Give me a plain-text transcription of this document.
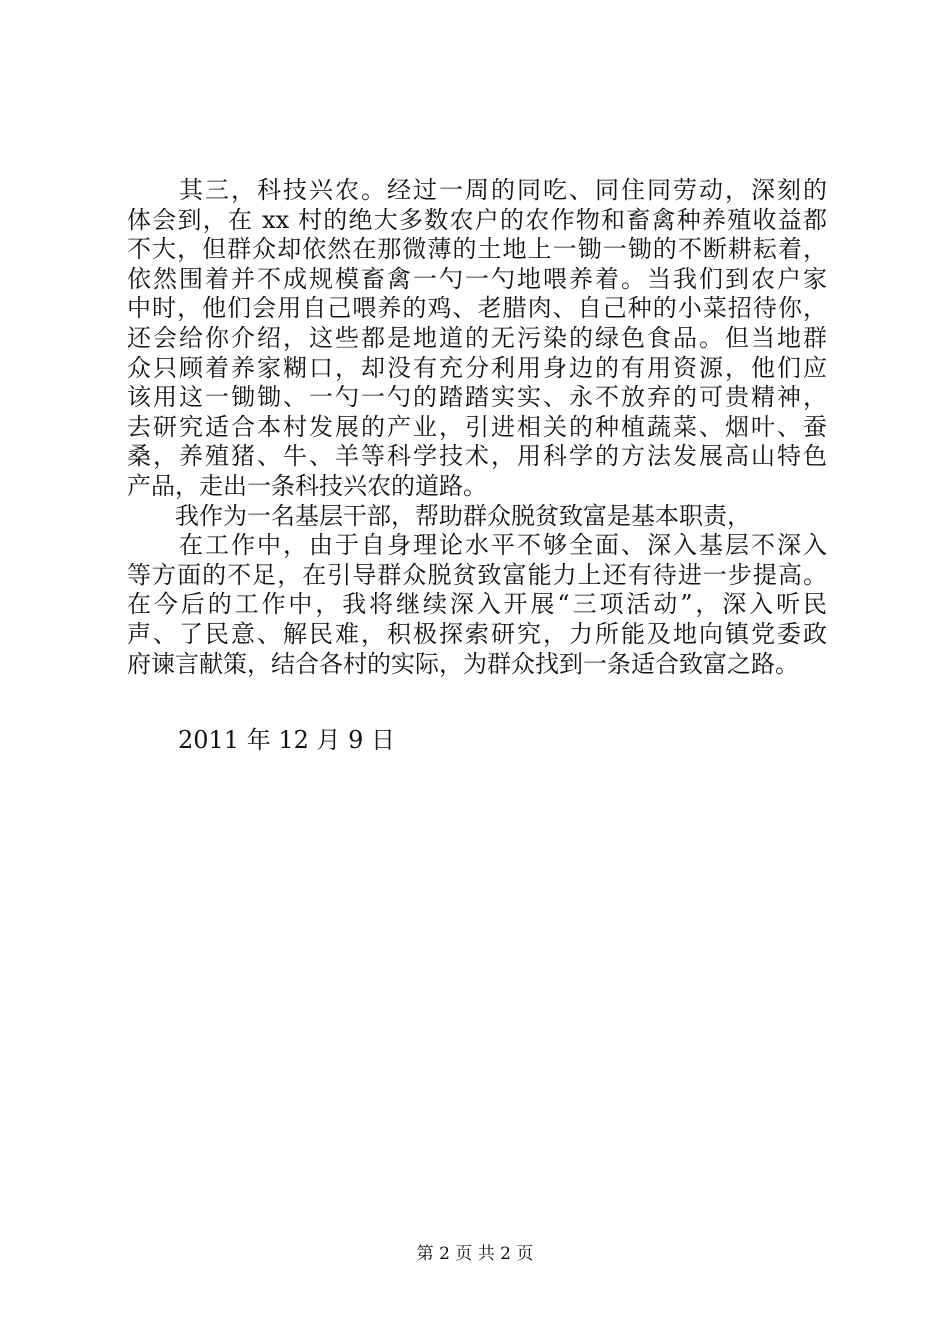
　　其三，科技兴农。经过一周的同吃、同住同劳动，深刻的
体会到，在 xx 村的绝大多数农户的农作物和畜禽种养殖收益都
不大，但群众却依然在那微薄的土地上一锄一锄的不断耕耘着，
依然围着并不成规模畜禽一勺一勺地喂养着。当我们到农户家
中时，他们会用自己喂养的鸡、老腊肉、自己种的小菜招待你，
还会给你介绍，这些都是地道的无污染的绿色食品。但当地群
众只顾着养家糊口，却没有充分利用身边的有用资源，他们应
该用这一锄锄、一勺一勺的踏踏实实、永不放弃的可贵精神，
去研究适合本村发展的产业，引进相关的种植蔬菜、烟叶、蚕
桑，养殖猪、牛、羊等科学技术，用科学的方法发展高山特色
产品，走出一条科技兴农的道路。
　　我作为一名基层干部，帮助群众脱贫致富是基本职责，
　　在工作中，由于自身理论水平不够全面、深入基层不深入
等方面的不足，在引导群众脱贫致富能力上还有待进一步提高。
在今后的工作中，我将继续深入开展“三项活动”，深入听民
声、了民意、解民难，积极探索研究，力所能及地向镇党委政
府谏言献策，结合各村的实际，为群众找到一条适合致富之路。
2011 年 12 月 9 日
第 2 页 共 2 页
